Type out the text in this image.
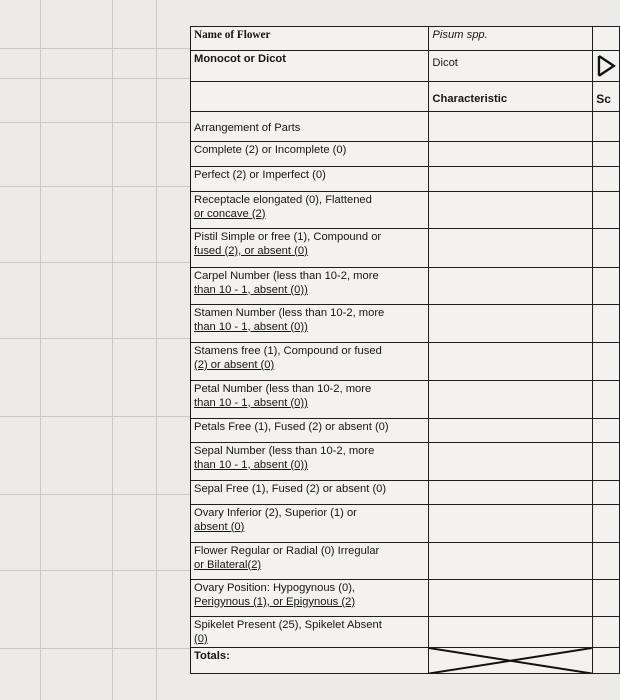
Name of Flower	Pisum spp.	
Monocot or Dicot	Dicot	

	Characteristic	Sc

Arrangement of Parts		

Complete (2) or Incomplete (0)		

Perfect (2) or Imperfect (0)		

Receptacle elongated (0), Flattened
or concave (2)		

Pistil Simple or free (1), Compound or
fused (2), or absent (0)		

Carpel Number (less than 10-2, more
than 10 - 1, absent (0))		

Stamen Number (less than 10-2, more
than 10 - 1, absent (0))		

Stamens free (1), Compound or fused
(2) or absent (0)		

Petal Number (less than 10-2, more
than 10 - 1, absent (0))		

Petals Free (1), Fused (2) or absent (0)		

Sepal Number (less than 10-2, more
than 10 - 1, absent (0))		

Sepal Free (1), Fused (2) or absent (0)		

Ovary Inferior (2), Superior (1) or
absent (0)		

Flower Regular or Radial (0) Irregular
or Bilateral(2)		

Ovary Position: Hypogynous (0),
Perigynous (1), or Epigynous (2)		

Spikelet Present (25), Spikelet Absent
(0)		

Totals:	
